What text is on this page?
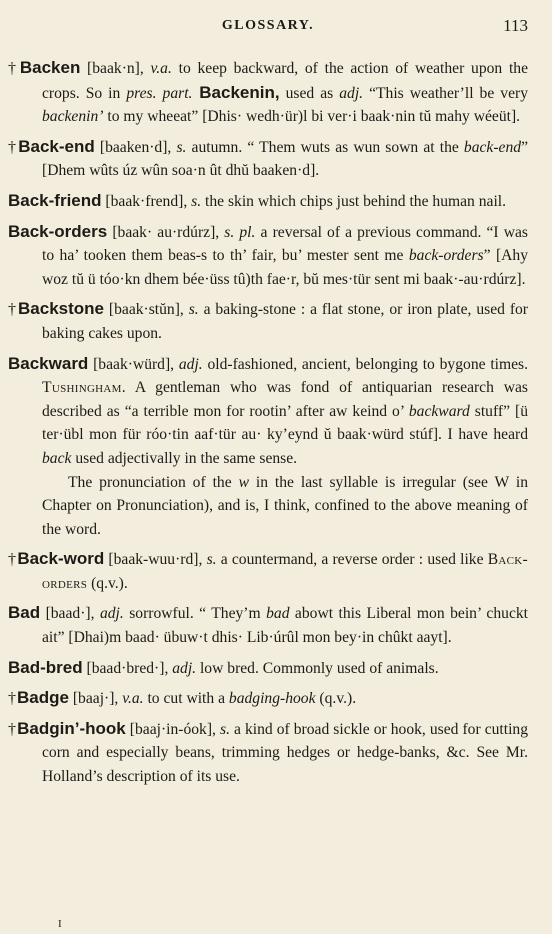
GLOSSARY.	113
†Backen [baak·n], v.a. to keep backward, of the action of weather upon the crops. So in pres. part. Backenin, used as adj. “This weather’ll be very backenin’ to my wheeat” [Dhis· wedh·ür)l bi ver·i baak·nin tŭ mahy wéeüt].
†Back-end [baaken·d], s. autumn. “ Them wuts as wun sown at the back-end” [Dhem wûts úz wûn soa·n ût dhŭ baaken·d].
Back-friend [baak·frend], s. the skin which chips just behind the human nail.
Back-orders [baak· au·rdúrz], s. pl. a reversal of a previous command. “I was to ha’ tooken them beas-s to th’ fair, bu’ mester sent me back-orders” [Ahy woz tŭ ü tóo·kn dhem bée·üss tû)th fae·r, bŭ mes·tür sent mi baak·-au·rdúrz].
†Backstone [baak·stŭn], s. a baking-stone : a flat stone, or iron plate, used for baking cakes upon.
Backward [baak·würd], adj. old-fashioned, ancient, belonging to bygone times. Tushingham. A gentleman who was fond of antiquarian research was described as “a terrible mon for rootin’ after aw keind o’ backward stuff” [ü ter·übl mon für róo·tin aaf·tür au· ky’eynd ŭ baak·würd stúf]. I have heard back used adjectivally in the same sense.

The pronunciation of the w in the last syllable is irregular (see W in Chapter on Pronunciation), and is, I think, confined to the above meaning of the word.

†Back-word [baak-wuu·rd], s. a countermand, a reverse order : used like Back-orders (q.v.).
Bad [baad·], adj. sorrowful. “ They’m bad abowt this Liberal mon bein’ chuckt ait” [Dhai)m baad· übuw·t dhis· Lib·úrûl mon bey·in chûkt aayt].
Bad-bred [baad·bred·], adj. low bred. Commonly used of animals.
†Badge [baaj·], v.a. to cut with a badging-hook (q.v.).
†Badgin’-hook [baaj·in-óok], s. a kind of broad sickle or hook, used for cutting corn and especially beans, trimming hedges or hedge-banks, &c. See Mr. Holland’s description of its use.
I
